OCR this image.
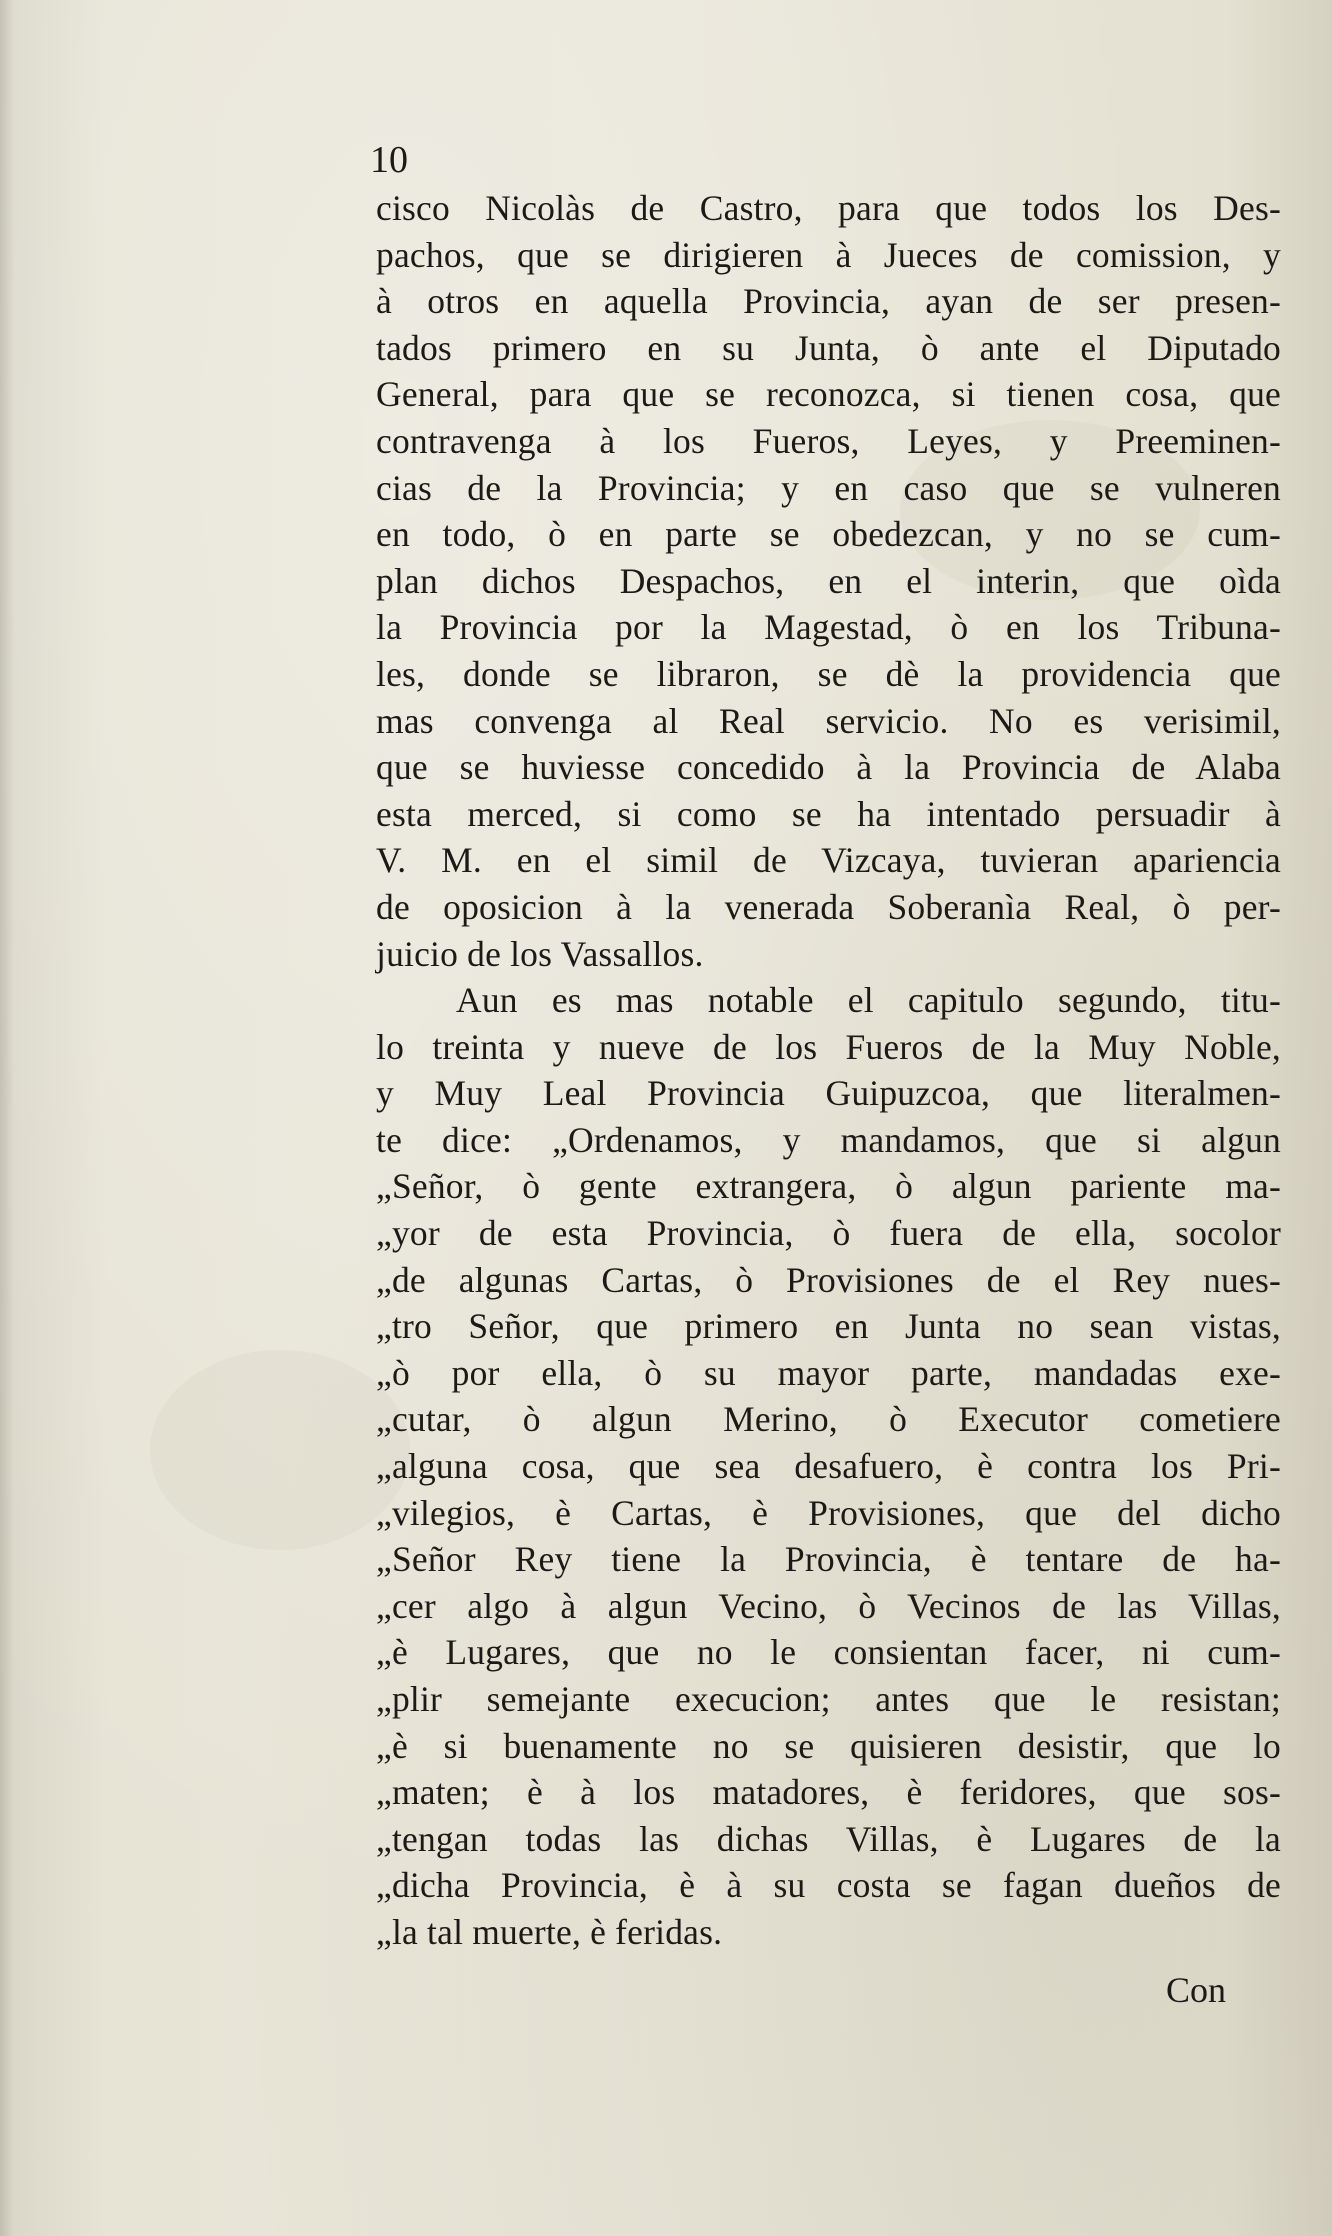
10

cisco Nicolàs de Castro, para que todos los Des-
pachos, que se dirigieren à Jueces de comission, y
à otros en aquella Provincia, ayan de ser presen-
tados primero en su Junta, ò ante el Diputado
General, para que se reconozca, si tienen cosa, que
contravenga à los Fueros, Leyes, y Preeminen-
cias de la Provincia; y en caso que se vulneren
en todo, ò en parte se obedezcan, y no se cum-
plan dichos Despachos, en el interin, que oìda
la Provincia por la Magestad, ò en los Tribuna-
les, donde se libraron, se dè la providencia que
mas convenga al Real servicio. No es verisimil,
que se huviesse concedido à la Provincia de Alaba
esta merced, si como se ha intentado persuadir à
V. M. en el simil de Vizcaya, tuvieran apariencia
de oposicion à la venerada Soberanìa Real, ò per-
juicio de los Vassallos.
Aun es mas notable el capitulo segundo, titu-
lo treinta y nueve de los Fueros de la Muy Noble,
y Muy Leal Provincia Guipuzcoa, que literalmen-
te dice: „Ordenamos, y mandamos, que si algun
„Señor, ò gente extrangera, ò algun pariente ma-
„yor de esta Provincia, ò fuera de ella, socolor
„de algunas Cartas, ò Provisiones de el Rey nues-
„tro Señor, que primero en Junta no sean vistas,
„ò por ella, ò su mayor parte, mandadas exe-
„cutar, ò algun Merino, ò Executor cometiere
„alguna cosa, que sea desafuero, è contra los Pri-
„vilegios, è Cartas, è Provisiones, que del dicho
„Señor Rey tiene la Provincia, è tentare de ha-
„cer algo à algun Vecino, ò Vecinos de las Villas,
„è Lugares, que no le consientan facer, ni cum-
„plir semejante execucion; antes que le resistan;
„è si buenamente no se quisieren desistir, que lo
„maten; è à los matadores, è feridores, que sos-
„tengan todas las dichas Villas, è Lugares de la
„dicha Provincia, è à su costa se fagan dueños de
„la tal muerte, è feridas.

Con
